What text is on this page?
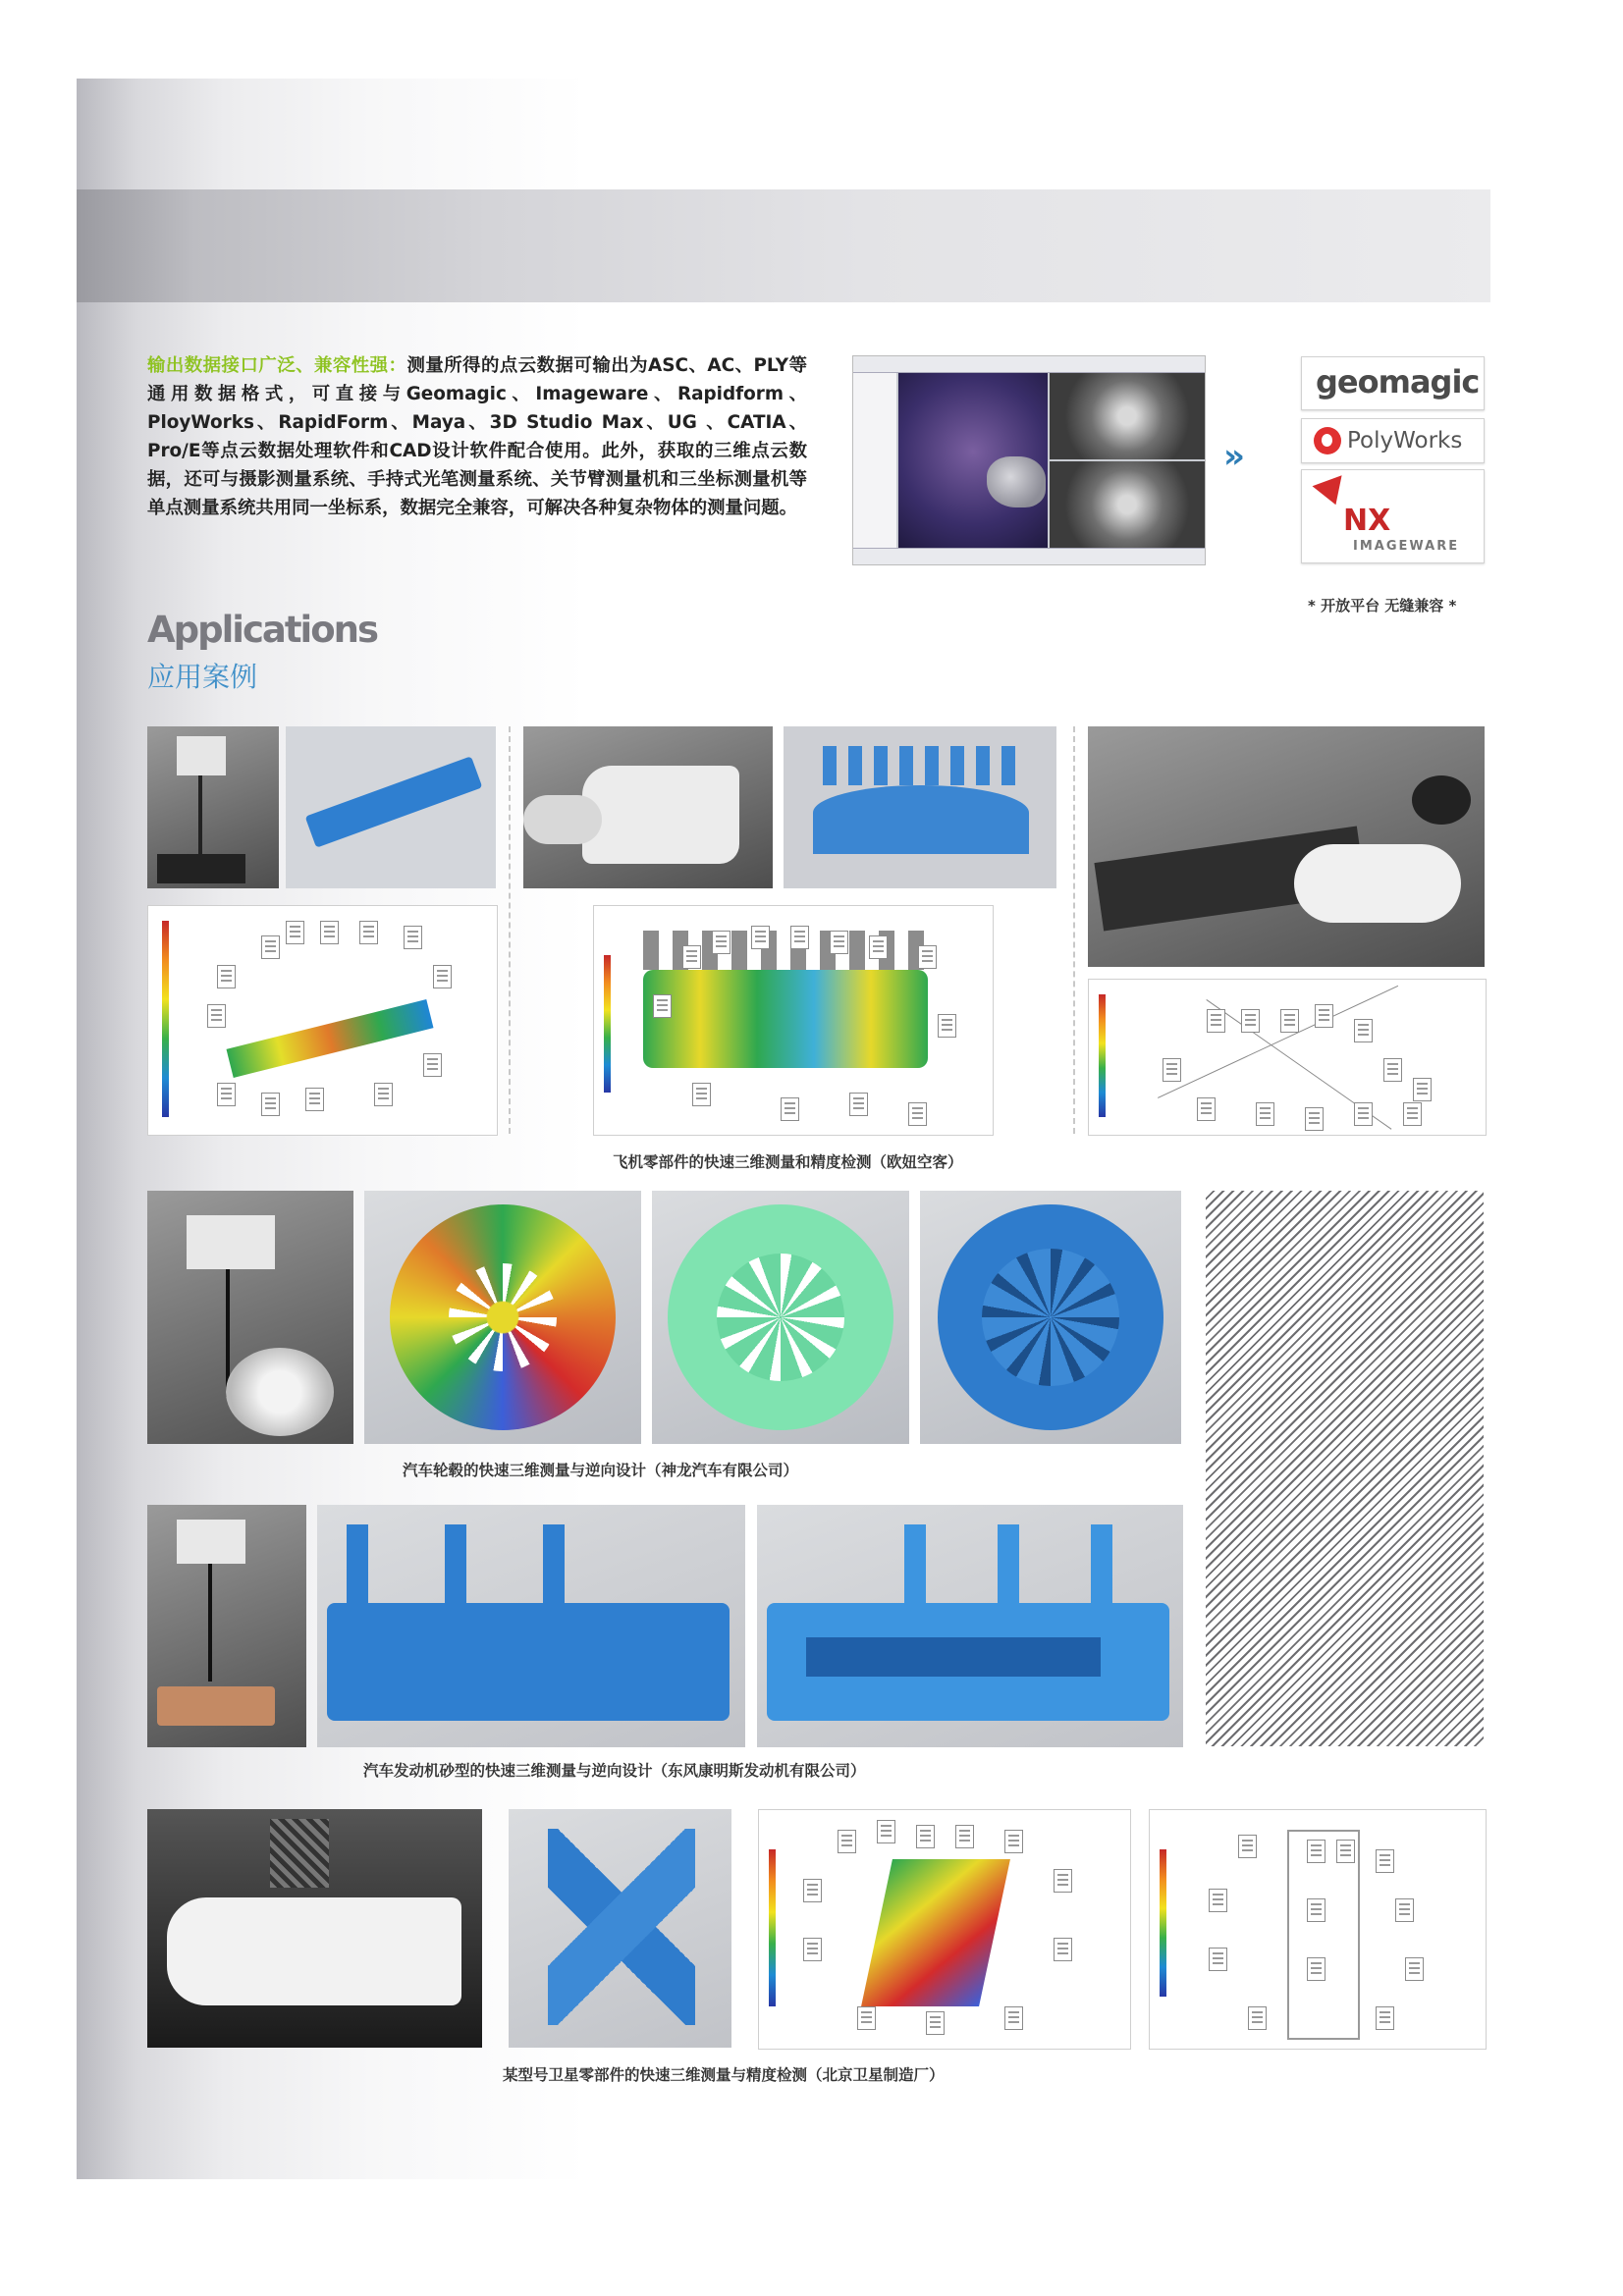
输出数据接口广泛、兼容性强：测量所得的点云数据可输出为ASC、AC、PLY等通用数据格式，可直接与Geomagic、Imageware、Rapidform、PloyWorks、RapidForm、Maya、3D Studio Max、UG 、CATIA、 Pro/E等点云数据处理软件和CAD设计软件配合使用。此外，获取的三维点云数据，还可与摄影测量系统、手持式光笔测量系统、关节臂测量机和三坐标测量机等单点测量系统共用同一坐标系，数据完全兼容，可解决各种复杂物体的测量问题。
››
geomagic
PolyWorks
NX
IMAGEWARE
* 开放平台 无缝兼容 *
Applications
应用案例
飞机零部件的快速三维测量和精度检测（欧妞空客）
汽车轮毂的快速三维测量与逆向设计（神龙汽车有限公司）
汽车发动机砂型的快速三维测量与逆向设计（东风康明斯发动机有限公司）
某型号卫星零部件的快速三维测量与精度检测（北京卫星制造厂）
